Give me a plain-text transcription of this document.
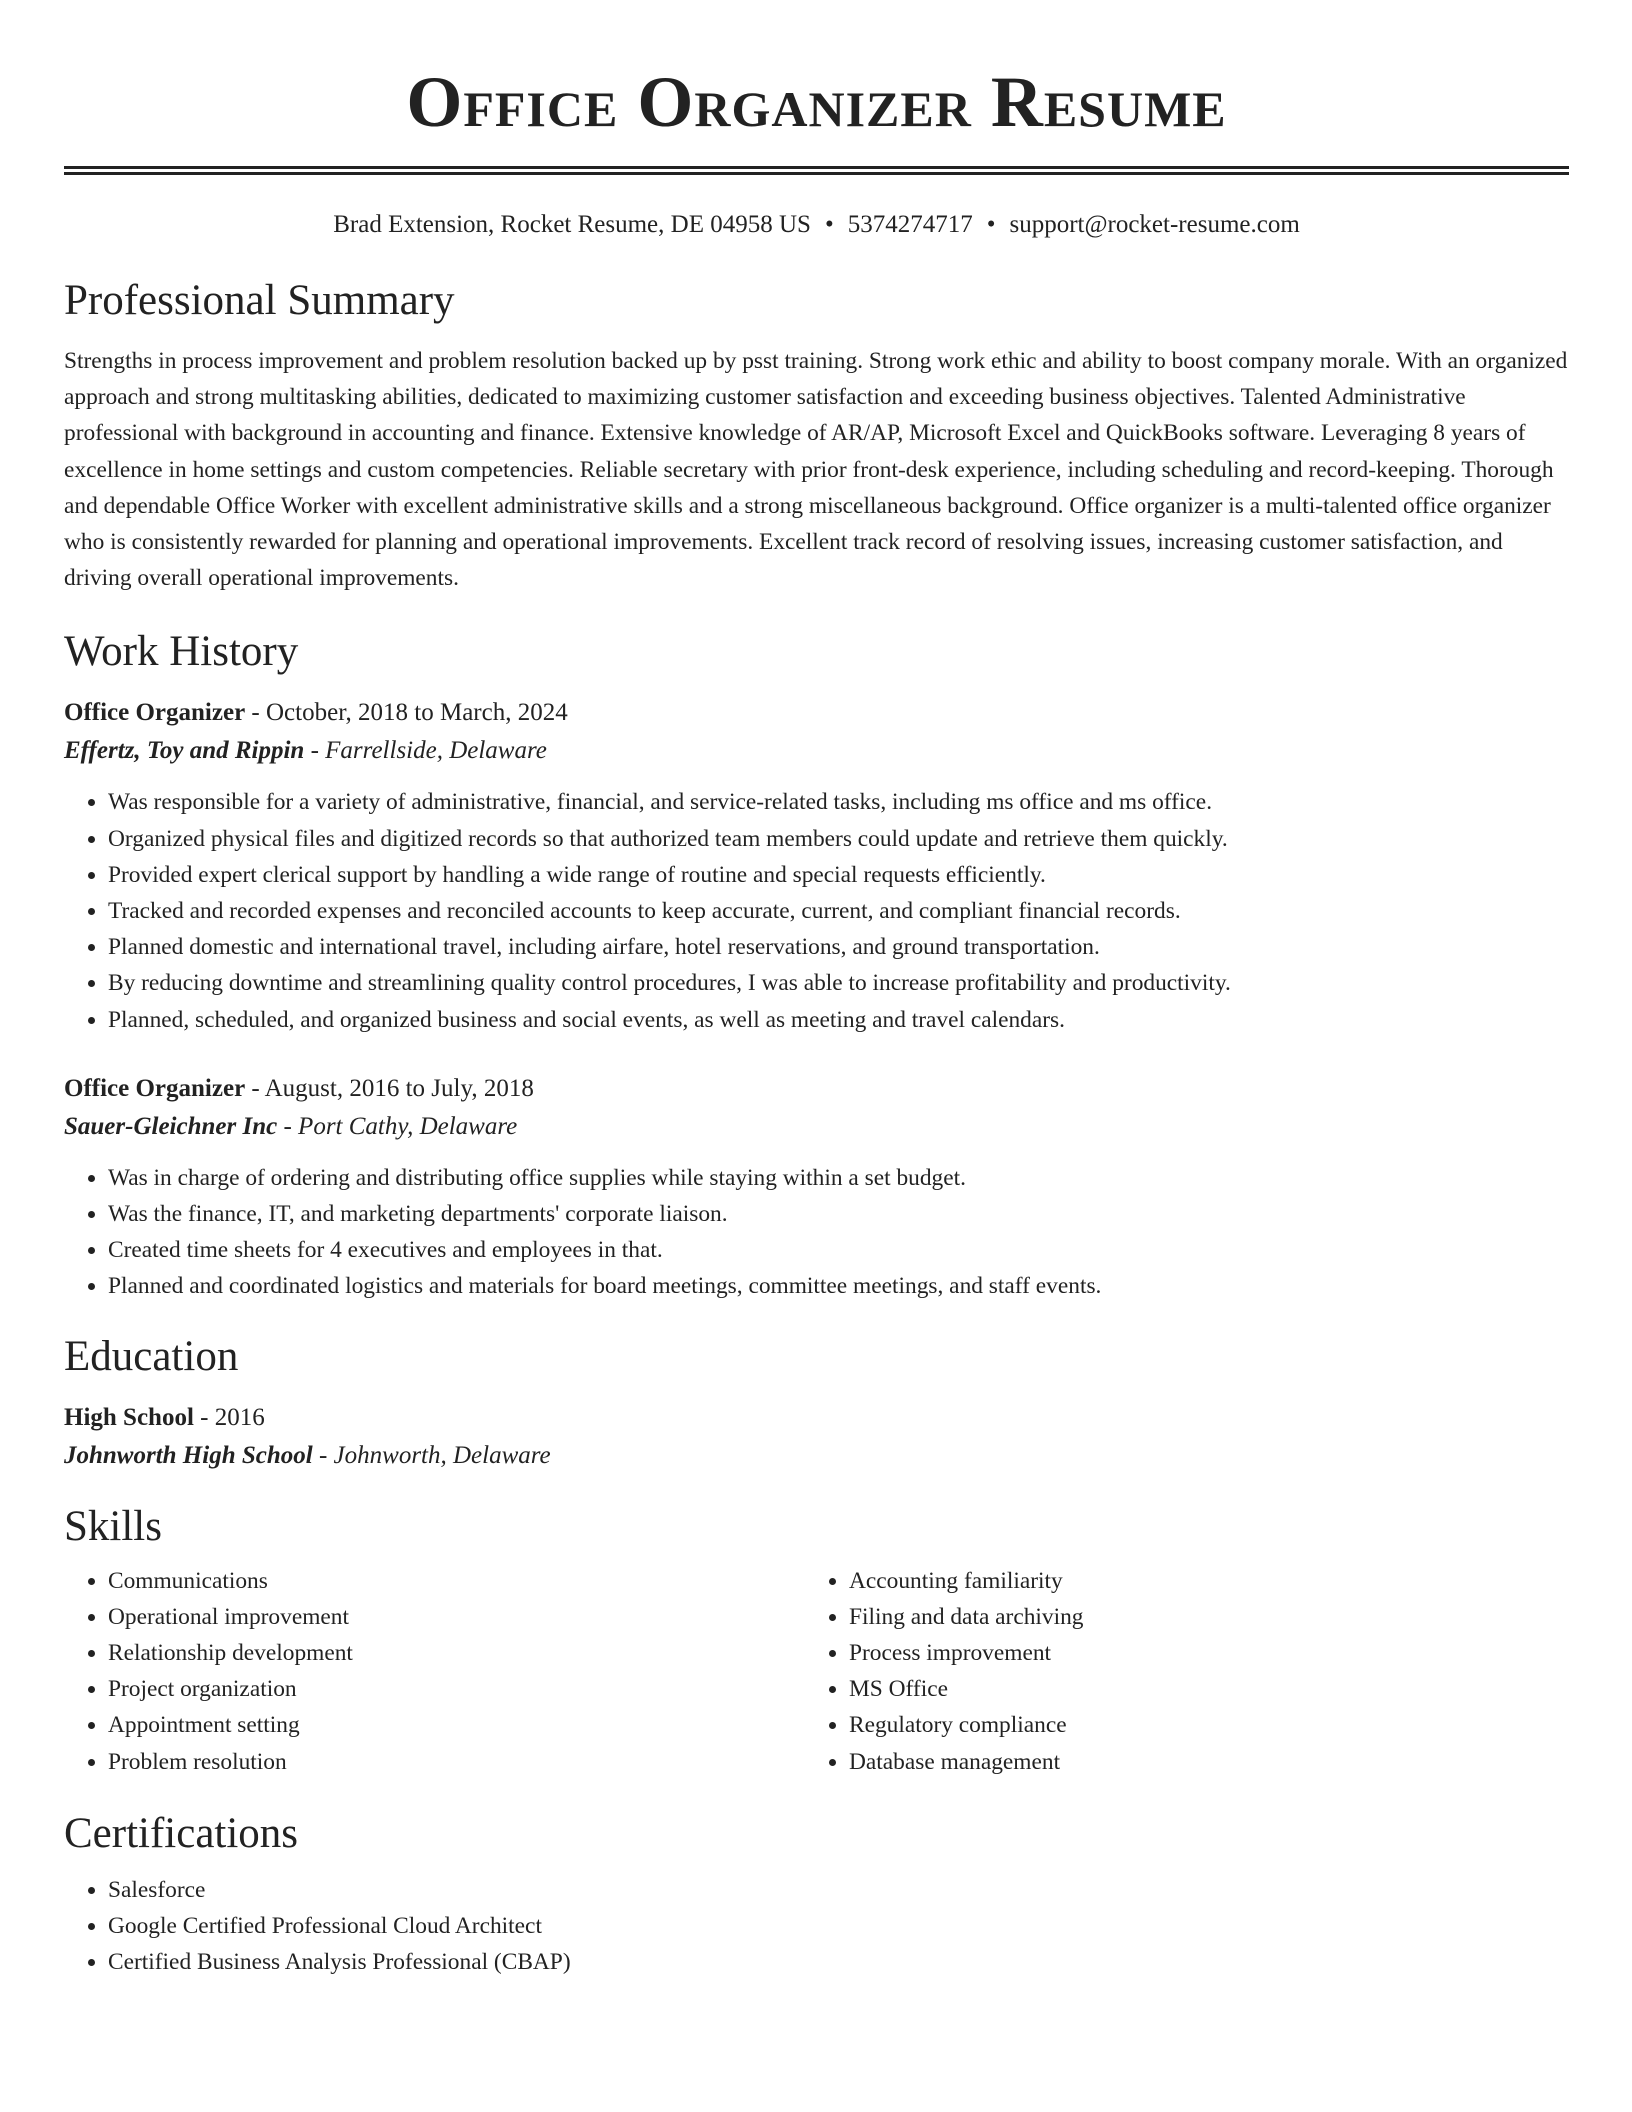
Office Organizer Resume
Brad Extension, Rocket Resume, DE 04958 US • 5374274717 • support@rocket-resume.com
Professional Summary
Strengths in process improvement and problem resolution backed up by psst training. Strong work ethic and ability to boost company morale. With an organized approach and strong multitasking abilities, dedicated to maximizing customer satisfaction and exceeding business objectives. Talented Administrative professional with background in accounting and finance. Extensive knowledge of AR/AP, Microsoft Excel and QuickBooks software. Leveraging 8 years of excellence in home settings and custom competencies. Reliable secretary with prior front-desk experience, including scheduling and record-keeping. Thorough and dependable Office Worker with excellent administrative skills and a strong miscellaneous background. Office organizer is a multi-talented office organizer who is consistently rewarded for planning and operational improvements. Excellent track record of resolving issues, increasing customer satisfaction, and driving overall operational improvements.
Work History
Office Organizer - October, 2018 to March, 2024
Effertz, Toy and Rippin - Farrellside, Delaware
• Was responsible for a variety of administrative, financial, and service-related tasks, including ms office and ms office.
• Organized physical files and digitized records so that authorized team members could update and retrieve them quickly.
• Provided expert clerical support by handling a wide range of routine and special requests efficiently.
• Tracked and recorded expenses and reconciled accounts to keep accurate, current, and compliant financial records.
• Planned domestic and international travel, including airfare, hotel reservations, and ground transportation.
• By reducing downtime and streamlining quality control procedures, I was able to increase profitability and productivity.
• Planned, scheduled, and organized business and social events, as well as meeting and travel calendars.
Office Organizer - August, 2016 to July, 2018
Sauer-Gleichner Inc - Port Cathy, Delaware
• Was in charge of ordering and distributing office supplies while staying within a set budget.
• Was the finance, IT, and marketing departments' corporate liaison.
• Created time sheets for 4 executives and employees in that.
• Planned and coordinated logistics and materials for board meetings, committee meetings, and staff events.
Education
High School - 2016
Johnworth High School - Johnworth, Delaware
Skills
• Communications
• Operational improvement
• Relationship development
• Project organization
• Appointment setting
• Problem resolution
• Accounting familiarity
• Filing and data archiving
• Process improvement
• MS Office
• Regulatory compliance
• Database management
Certifications
• Salesforce
• Google Certified Professional Cloud Architect
• Certified Business Analysis Professional (CBAP)
